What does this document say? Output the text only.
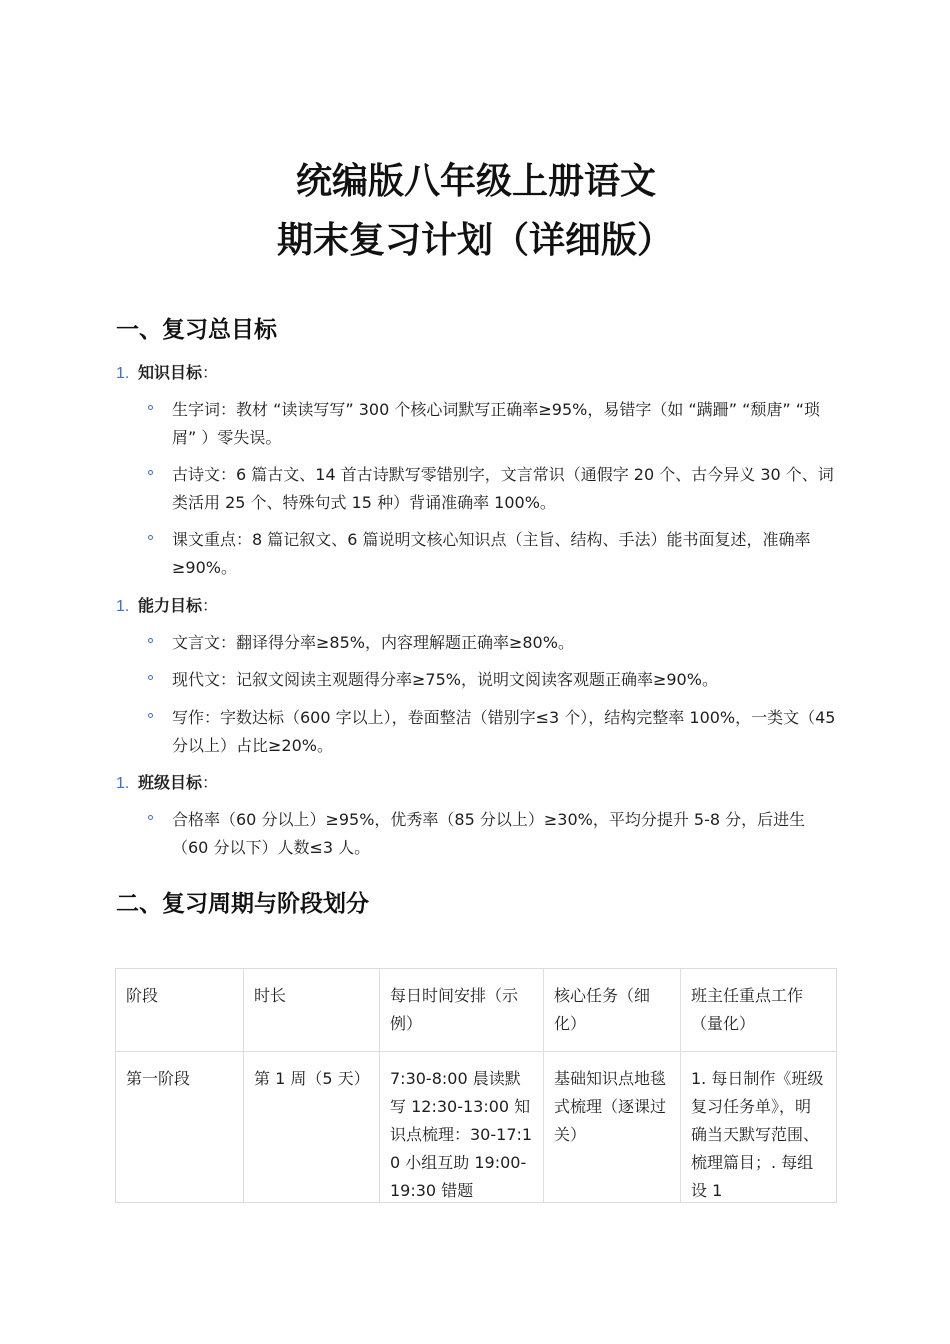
统编版八年级上册语文
期末复习计划（详细版）
一、复习总目标
1. 知识目标：
生字词：教材 “读读写写” 300 个核心词默写正确率≥95%，易错字（如 “蹒跚” “颓唐” “琐屑” ）零失误。
古诗文：6 篇古文、14 首古诗默写零错别字，文言常识（通假字 20 个、古今异义 30 个、词类活用 25 个、特殊句式 15 种）背诵准确率 100%。
课文重点：8 篇记叙文、6 篇说明文核心知识点（主旨、结构、手法）能书面复述，准确率≥90%。
1. 能力目标：
文言文：翻译得分率≥85%，内容理解题正确率≥80%。
现代文：记叙文阅读主观题得分率≥75%，说明文阅读客观题正确率≥90%。
写作：字数达标（600 字以上），卷面整洁（错别字≤3 个），结构完整率 100%，一类文（45 分以上）占比≥20%。
1. 班级目标：
合格率（60 分以上）≥95%，优秀率（85 分以上）≥30%，平均分提升 5-8 分，后进生（60 分以下）人数≤3 人。
二、复习周期与阶段划分
阶段	时长	每日时间安排（示例）	核心任务（细化）	班主任重点工作（量化）
第一阶段	第 1 周（5 天）	7:30-8:00 晨读默写 12:30-13:00 知识点梳理：30-17:10 小组互助 19:00-19:30 错题	基础知识点地毯式梳理（逐课过关）	1. 每日制作《班级复习任务单》，明确当天默写范围、梳理篇目；. 每组设 1
